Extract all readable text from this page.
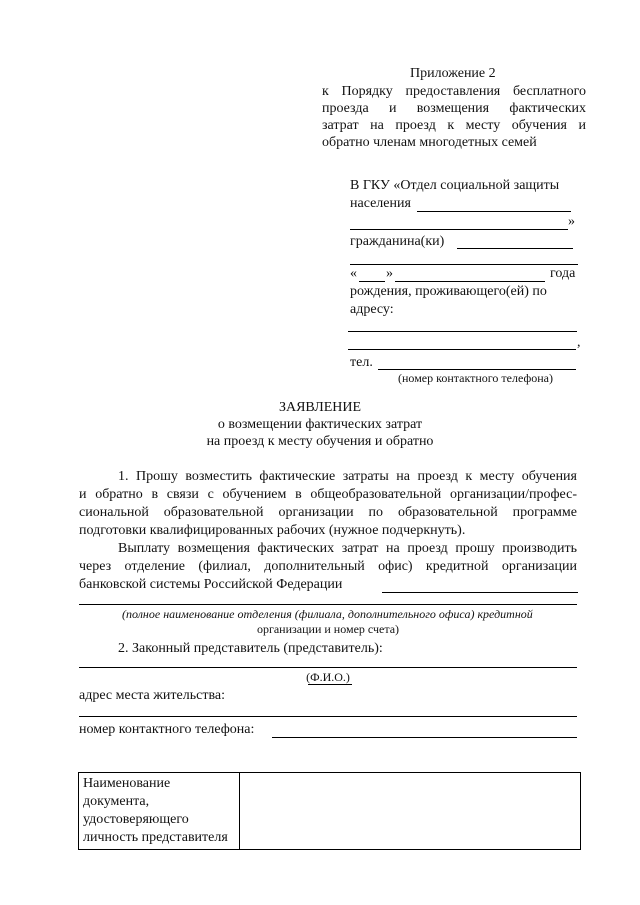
Приложение 2
к Порядку предоставления бесплатного
проезда и возмещения фактических
затрат на проезд к месту обучения и
обратно членам многодетных семей
В ГКУ «Отдел социальной защиты
населения
»
гражданина(ки)
« »	года
рождения, проживающего(ей) по
адресу:
,
тел.
(номер контактного телефона)
ЗАЯВЛЕНИЕ
о возмещении фактических затрат
на проезд к месту обучения и обратно
1. Прошу возместить фактические затраты на проезд к месту обучения
и обратно в связи с обучением в общеобразовательной организации/профес-
сиональной образовательной организации по образовательной программе
подготовки квалифицированных рабочих (нужное подчеркнуть).
Выплату возмещения фактических затрат на проезд прошу производить
через отделение (филиал, дополнительный офис) кредитной организации
банковской системы Российской Федерации
(полное наименование отделения (филиала, дополнительного офиса) кредитной
организации и номер счета)
2. Законный представитель (представитель):
(Ф.И.О.)
адрес места жительства:
номер контактного телефона:
Наименование
документа,
удостоверяющего
личность представителя
